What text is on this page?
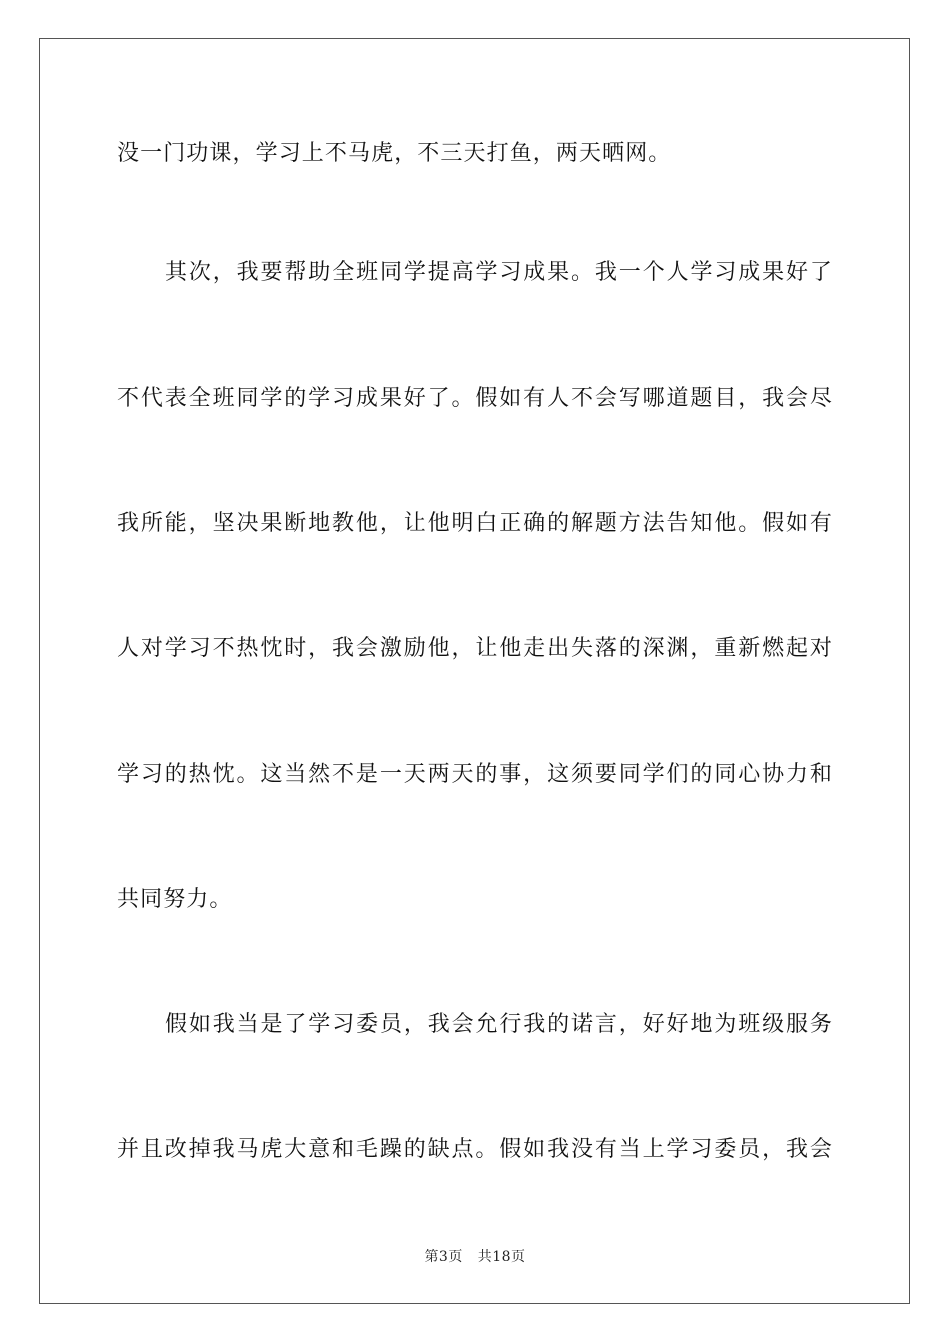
没一门功课，学习上不马虎，不三天打鱼，两天晒网。
其次，我要帮助全班同学提高学习成果。我一个人学习成果好了
不代表全班同学的学习成果好了。假如有人不会写哪道题目，我会尽
我所能，坚决果断地教他，让他明白正确的解题方法告知他。假如有
人对学习不热忱时，我会激励他，让他走出失落的深渊，重新燃起对
学习的热忱。这当然不是一天两天的事，这须要同学们的同心协力和
共同努力。
假如我当是了学习委员，我会允行我的诺言，好好地为班级服务
并且改掉我马虎大意和毛躁的缺点。假如我没有当上学习委员，我会
第3页 共18页
